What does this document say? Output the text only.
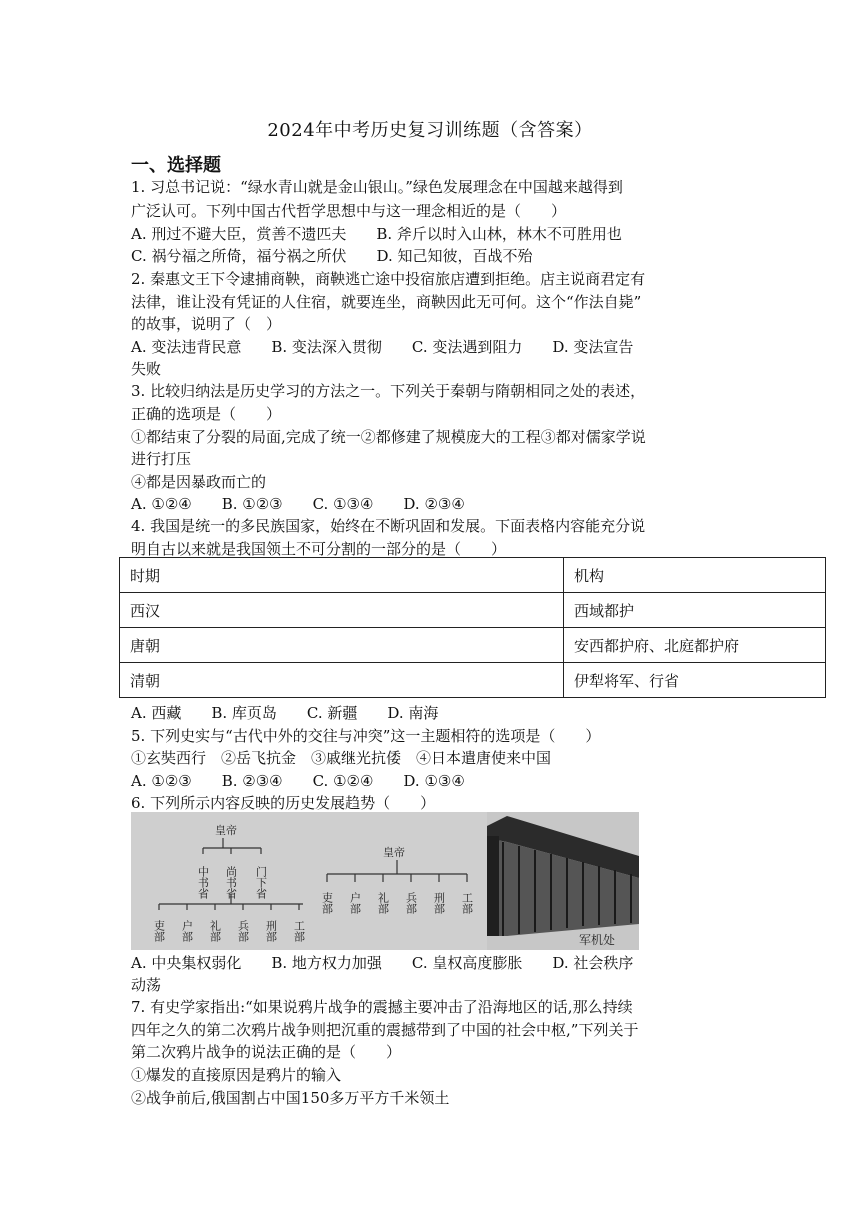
2024年中考历史复习训练题（含答案）
一、选择题
1. 习总书记说：“绿水青山就是金山银山。”绿色发展理念在中国越来越得到
广泛认可。下列中国古代哲学思想中与这一理念相近的是（　　）
A. 刑过不避大臣，赏善不遗匹夫　　B. 斧斤以时入山林，林木不可胜用也
C. 祸兮福之所倚，福兮祸之所伏　　D. 知己知彼，百战不殆
2. 秦惠文王下令逮捕商鞅，商鞅逃亡途中投宿旅店遭到拒绝。店主说商君定有
法律，谁让没有凭证的人住宿，就要连坐，商鞅因此无可何。这个“作法自毙”
的故事，说明了（　）
A. 变法违背民意　　B. 变法深入贯彻　　C. 变法遇到阻力　　D. 变法宣告
失败
3. 比较归纳法是历史学习的方法之一。下列关于秦朝与隋朝相同之处的表述，
正确的选项是（　　）
①都结束了分裂的局面,完成了统一②都修建了规模庞大的工程③都对儒家学说
进行打压
④都是因暴政而亡的
A. ①②④　　B. ①②③　　C. ①③④　　D. ②③④
4. 我国是统一的多民族国家，始终在不断巩固和发展。下面表格内容能充分说
明自古以来就是我国领土不可分割的一部分的是（　　）
时期	机构
西汉	西域都护
唐朝	安西都护府、北庭都护府
清朝	伊犁将军、行省
A. 西藏　　B. 库页岛　　C. 新疆　　D. 南海
5. 下列史实与“古代中外的交往与冲突”这一主题相符的选项是（　　）
①玄奘西行　②岳飞抗金　③戚继光抗倭　④日本遣唐使来中国
A. ①②③　　B. ②③④　　C. ①②④　　D. ①③④
6. 下列所示内容反映的历史发展趋势（　　）
皇帝
中书省 尚书省 门下省
吏部 户部 礼部 兵部 刑部 工部
皇帝
吏部 户部 礼部 兵部 刑部 工部
军机处
A. 中央集权弱化　　B. 地方权力加强　　C. 皇权高度膨胀　　D. 社会秩序
动荡
7. 有史学家指出:“如果说鸦片战争的震撼主要冲击了沿海地区的话,那么持续
四年之久的第二次鸦片战争则把沉重的震撼带到了中国的社会中枢,”下列关于
第二次鸦片战争的说法正确的是（　　）
①爆发的直接原因是鸦片的输入
②战争前后,俄国割占中国150多万平方千米领土
